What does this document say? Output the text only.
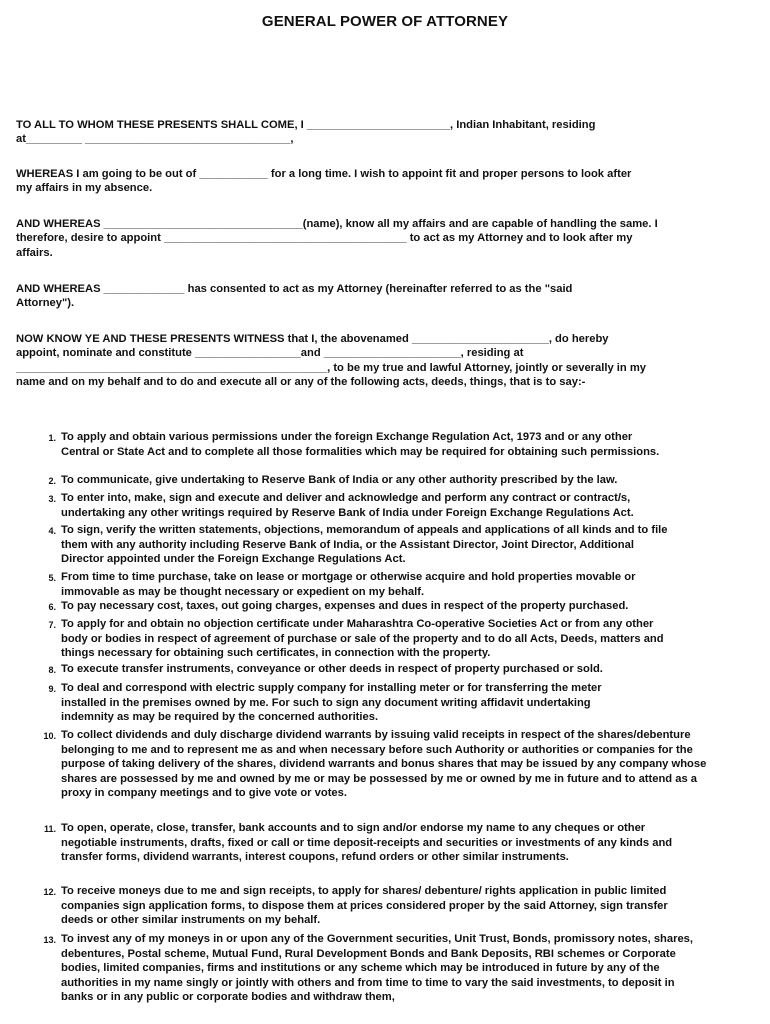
GENERAL POWER OF ATTORNEY
TO ALL TO WHOM THESE PRESENTS SHALL COME, I _______________________, Indian Inhabitant, residing
at_________ _________________________________,
WHEREAS I am going to be out of ___________ for a long time. I wish to appoint fit and proper persons to look after
my affairs in my absence.
AND WHEREAS ________________________________(name), know all my affairs and are capable of handling the same. I
therefore, desire to appoint _______________________________________ to act as my Attorney and to look after my
affairs.
AND WHEREAS _____________ has consented to act as my Attorney (hereinafter referred to as the "said
Attorney").
NOW KNOW YE AND THESE PRESENTS WITNESS that I, the abovenamed ______________________, do hereby
appoint, nominate and constitute _________________and ______________________, residing at
__________________________________________________, to be my true and lawful Attorney, jointly or severally in my
name and on my behalf and to do and execute all or any of the following acts, deeds, things, that is to say:-
1. To apply and obtain various permissions under the foreign Exchange Regulation Act, 1973 and or any other
Central or State Act and to complete all those formalities which may be required for obtaining such permissions.
2. To communicate, give undertaking to Reserve Bank of India or any other authority prescribed by the law.
3. To enter into, make, sign and execute and deliver and acknowledge and perform any contract or contract/s,
undertaking any other writings required by Reserve Bank of India under Foreign Exchange Regulations Act.
4. To sign, verify the written statements, objections, memorandum of appeals and applications of all kinds and to file
them with any authority including Reserve Bank of India, or the Assistant Director, Joint Director, Additional
Director appointed under the Foreign Exchange Regulations Act.
5. From time to time purchase, take on lease or mortgage or otherwise acquire and hold properties movable or
immovable as may be thought necessary or expedient on my behalf.
6. To pay necessary cost, taxes, out going charges, expenses and dues in respect of the property purchased.
7. To apply for and obtain no objection certificate under Maharashtra Co-operative Societies Act or from any other
body or bodies in respect of agreement of purchase or sale of the property and to do all Acts, Deeds, matters and
things necessary for obtaining such certificates, in connection with the property.
8. To execute transfer instruments, conveyance or other deeds in respect of property purchased or sold.
9. To deal and correspond with electric supply company for installing meter or for transferring the meter
installed in the premises owned by me. For such to sign any document writing affidavit undertaking
indemnity as may be required by the concerned authorities.
10. To collect dividends and duly discharge dividend warrants by issuing valid receipts in respect of the shares/debenture
belonging to me and to represent me as and when necessary before such Authority or authorities or companies for the
purpose of taking delivery of the shares, dividend warrants and bonus shares that may be issued by any company whose
shares are possessed by me and owned by me or may be possessed by me or owned by me in future and to attend as a
proxy in company meetings and to give vote or votes.
11. To open, operate, close, transfer, bank accounts and to sign and/or endorse my name to any cheques or other
negotiable instruments, drafts, fixed or call or time deposit-receipts and securities or investments of any kinds and
transfer forms, dividend warrants, interest coupons, refund orders or other similar instruments.
12. To receive moneys due to me and sign receipts, to apply for shares/ debenture/ rights application in public limited
companies sign application forms, to dispose them at prices considered proper by the said Attorney, sign transfer
deeds or other similar instruments on my behalf.
13. To invest any of my moneys in or upon any of the Government securities, Unit Trust, Bonds, promissory notes, shares,
debentures, Postal scheme, Mutual Fund, Rural Development Bonds and Bank Deposits, RBI schemes or Corporate
bodies, limited companies, firms and institutions or any scheme which may be introduced in future by any of the
authorities in my name singly or jointly with others and from time to time to vary the said investments, to deposit in
banks or in any public or corporate bodies and withdraw them,
